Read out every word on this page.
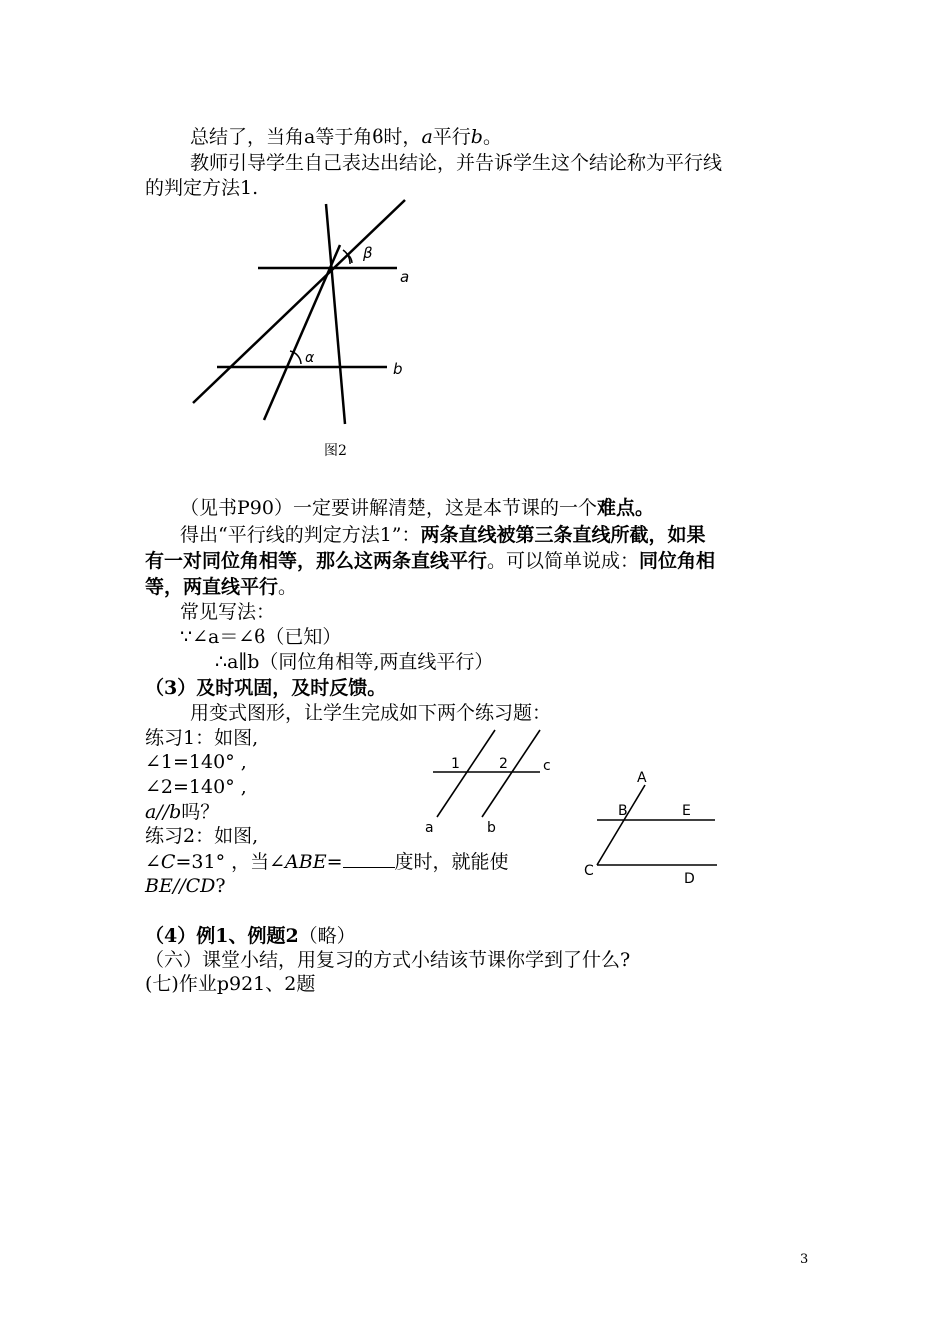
总结了，当角a等于角ϐ时，a平行b。
教师引导学生自己表达出结论，并告诉学生这个结论称为平行线
的判定方法1.
β
a
α
b
图2
（见书P90）一定要讲解清楚，这是本节课的一个难点。
得出“平行线的判定方法1”：两条直线被第三条直线所截，如果
有一对同位角相等，那么这两条直线平行。可以简单说成：同位角相
等，两直线平行。
常见写法：
∵∠a＝∠ϐ（已知）
∴a∥b（同位角相等,两直线平行）
（3）及时巩固，及时反馈。
用变式图形，让学生完成如下两个练习题：
练习1：如图,
∠1=140° ,
∠2=140° ,
a//b吗？
练习2：如图,
∠C=31° ，当∠ABE=	度时，就能使
BE//CD?
1	2	c
a	b
A
B	E
C	D
（4）例1、例题2（略）
（六）课堂小结，用复习的方式小结该节课你学到了什么?
(七)作业p921、2题
3
